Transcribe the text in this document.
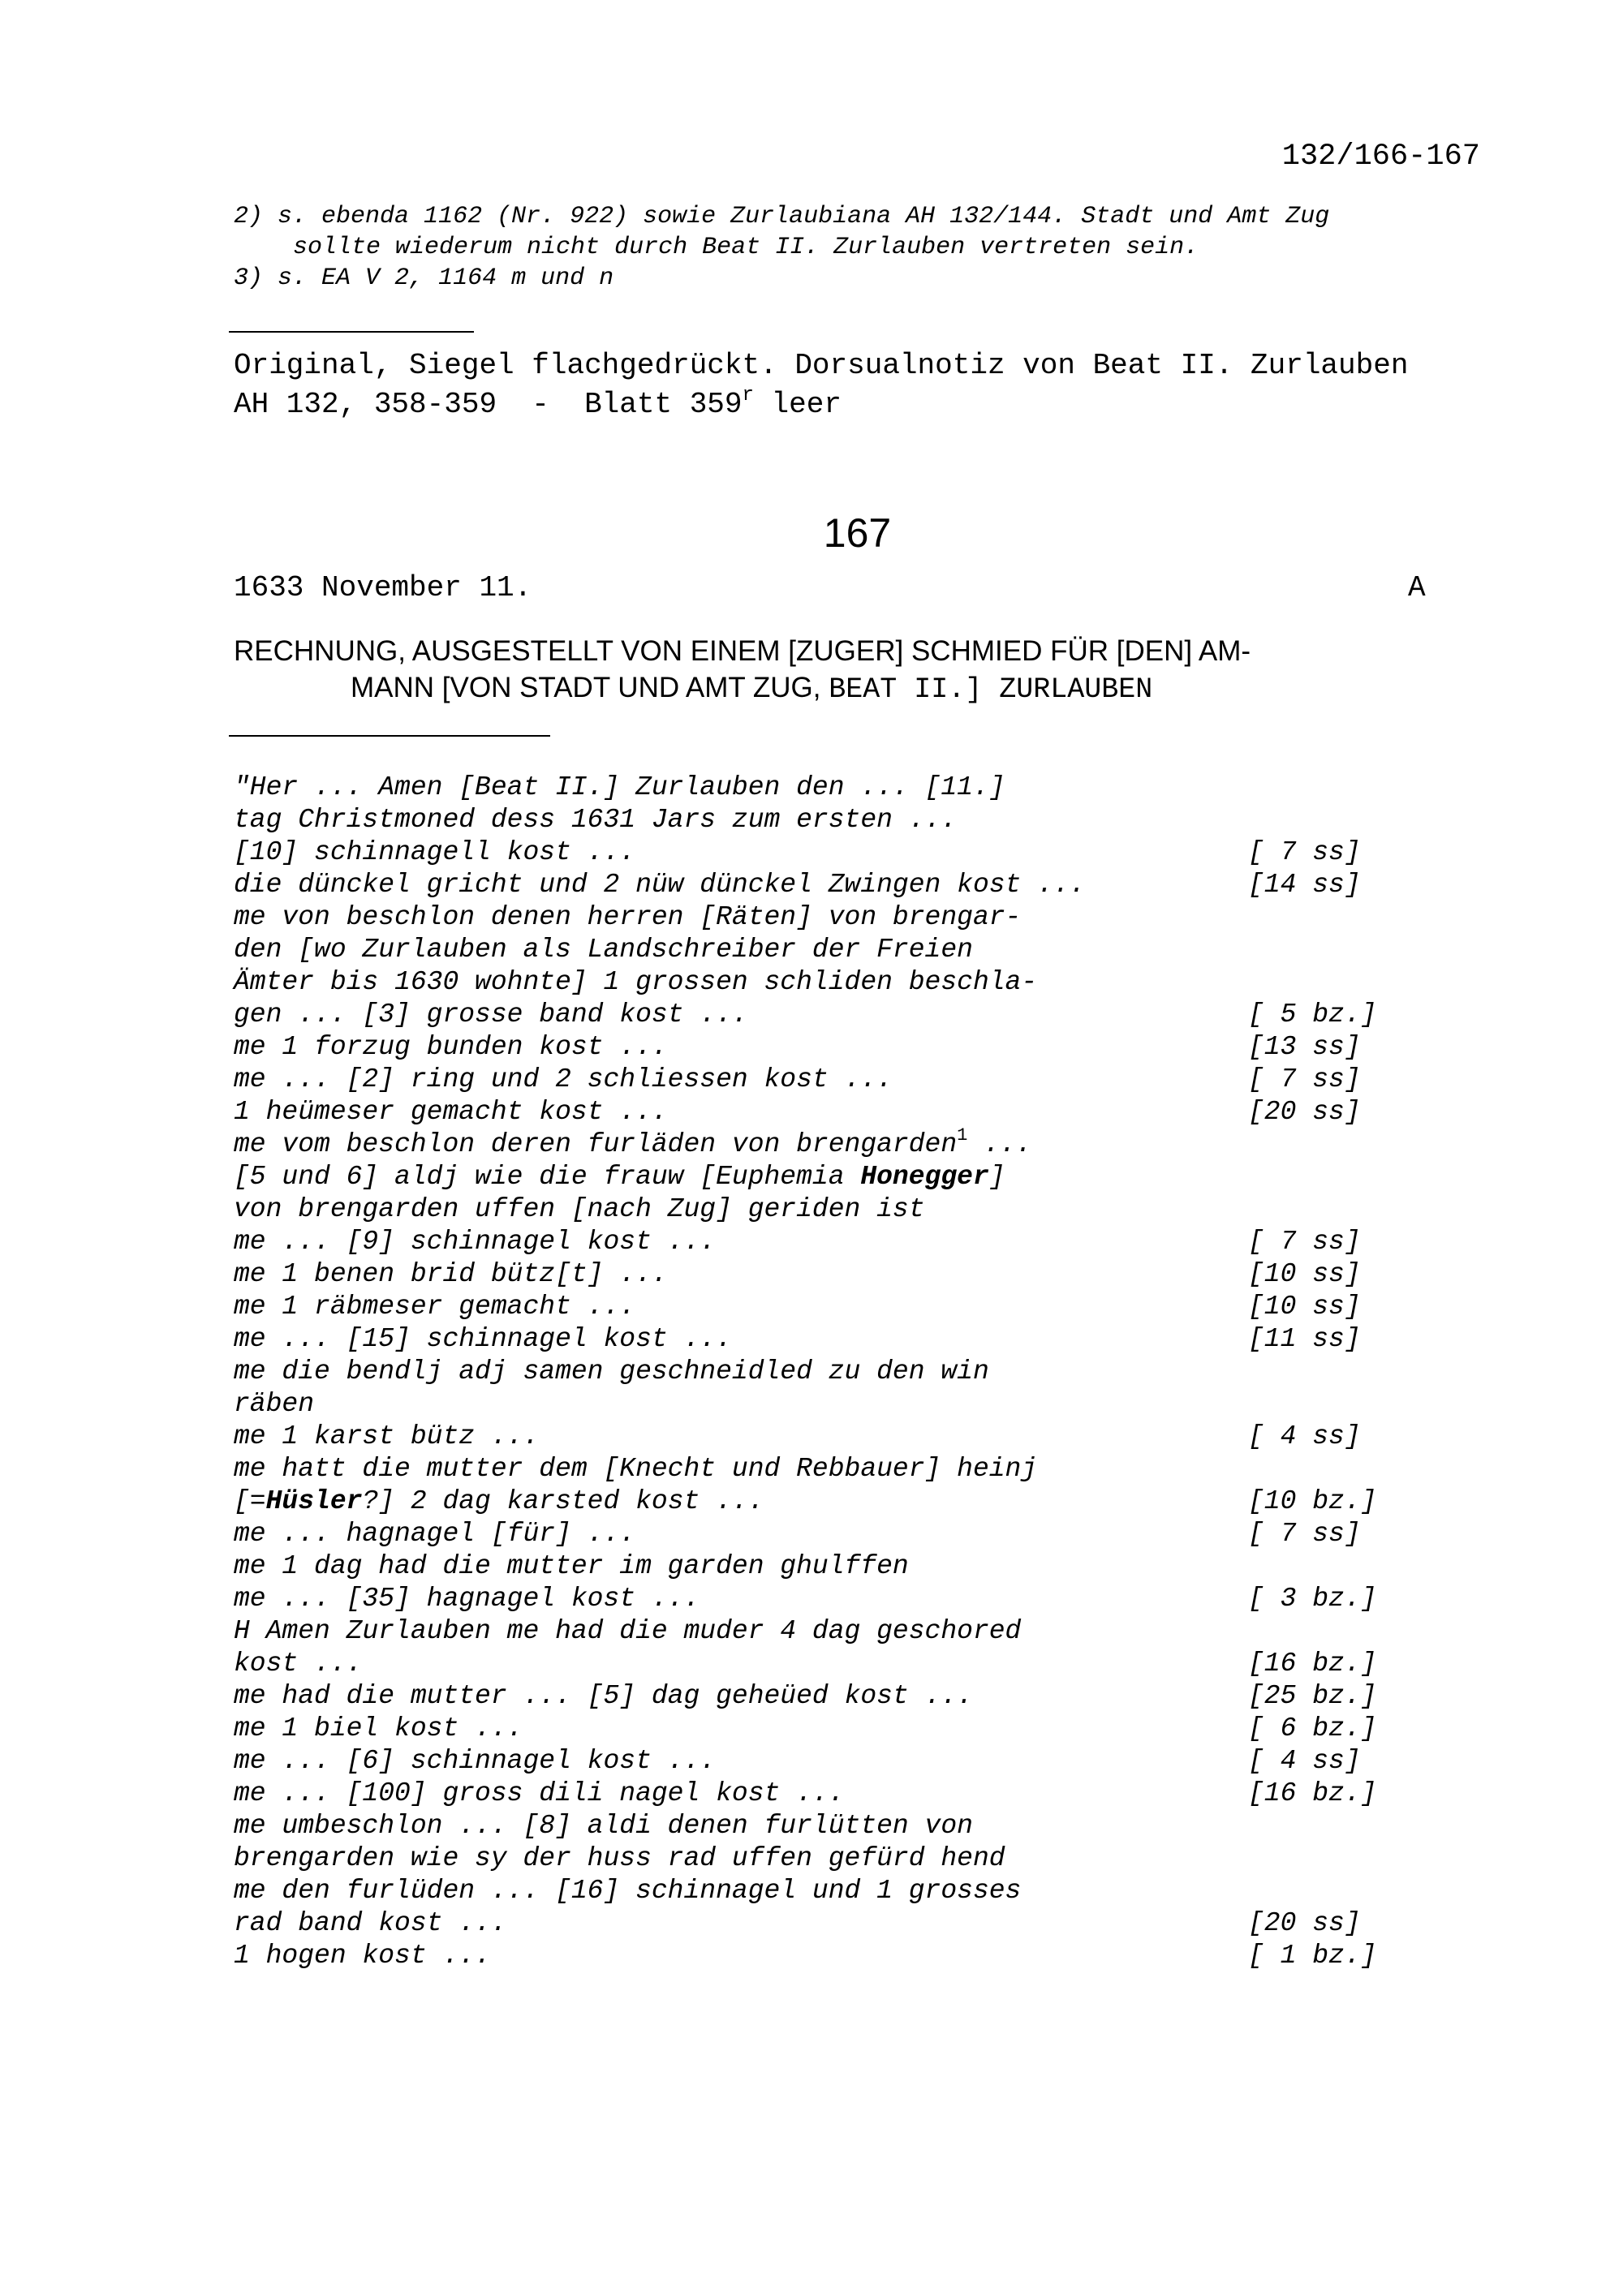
132/166-167
2) s. ebenda 1162 (Nr. 922) sowie Zurlaubiana AH 132/144. Stadt und Amt Zug
sollte wiederum nicht durch Beat II. Zurlauben vertreten sein.
3) s. EA V 2, 1164 m und n
Original, Siegel flachgedrückt. Dorsualnotiz von Beat II. Zurlauben
AH 132, 358-359  -  Blatt 359$^r$ leer
167
1633 November 11.	A
RECHNUNG, AUSGESTELLT VON EINEM [ZUGER] SCHMIED FÜR [DEN] AM-
MANN [VON STADT UND AMT ZUG, BEAT II.] ZURLAUBEN
"Her ... Amen [Beat II.] Zurlauben den ... [11.]
tag Christmoned dess 1631 Jars zum ersten ...
[10] schinnagell kost ...	[ 7 ss]
die dünckel gricht und 2 nüw dünckel Zwingen kost ...	[14 ss]
me von beschlon denen herren [Räten] von brengar-
den [wo Zurlauben als Landschreiber der Freien
Ämter bis 1630 wohnte] 1 grossen schliden beschla-
gen ... [3] grosse band kost ...	[ 5 bz.]
me 1 forzug bunden kost ...	[13 ss]
me ... [2] ring und 2 schliessen kost ...	[ 7 ss]
1 heümeser gemacht kost ...	[20 ss]
me vom beschlon deren furläden von brengarden$^1$ ...
[5 und 6] aldj wie die frauw [Euphemia Honegger]
von brengarden uffen [nach Zug] geriden ist
me ... [9] schinnagel kost ...	[ 7 ss]
me 1 benen brid bütz[t] ...	[10 ss]
me 1 räbmeser gemacht ...	[10 ss]
me ... [15] schinnagel kost ...	[11 ss]
me die bendlj adj samen geschneidled zu den win
räben
me 1 karst bütz ...	[ 4 ss]
me hatt die mutter dem [Knecht und Rebbauer] heinj
[=Hüsler?] 2 dag karsted kost ...	[10 bz.]
me ... hagnagel [für] ...	[ 7 ss]
me 1 dag had die mutter im garden ghulffen
me ... [35] hagnagel kost ...	[ 3 bz.]
H Amen Zurlauben me had die muder 4 dag geschored
kost ...	[16 bz.]
me had die mutter ... [5] dag geheüed kost ...	[25 bz.]
me 1 biel kost ...	[ 6 bz.]
me ... [6] schinnagel kost ...	[ 4 ss]
me ... [100] gross dili nagel kost ...	[16 bz.]
me umbeschlon ... [8] aldi denen furlütten von
brengarden wie sy der huss rad uffen gefürd hend
me den furlüden ... [16] schinnagel und 1 grosses
rad band kost ...	[20 ss]
1 hogen kost ...	[ 1 bz.]
